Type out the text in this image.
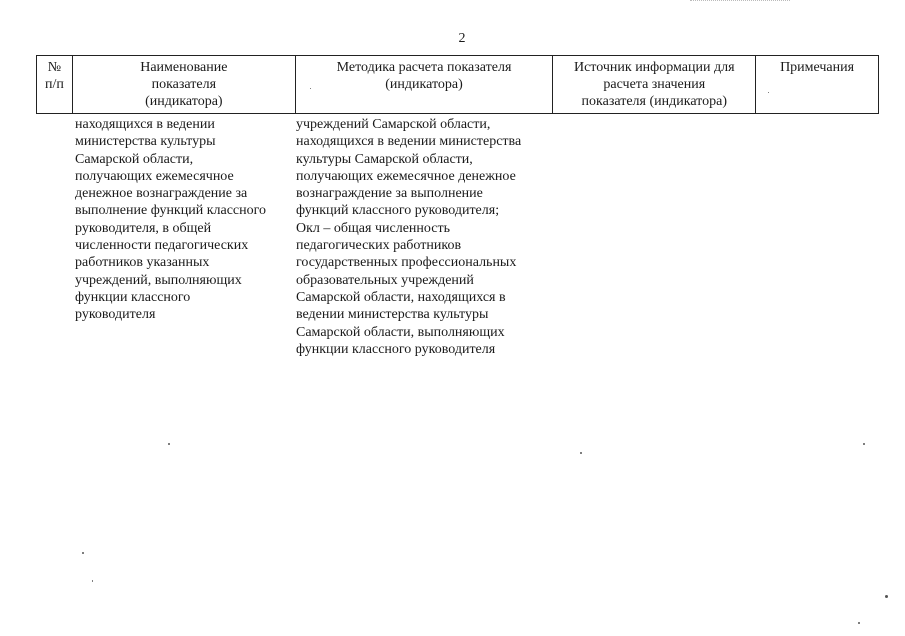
2
№
п/п
Наименование
показателя
(индикатора)
Методика расчета показателя
(индикатора)
Источник информации для
расчета значения
показателя (индикатора)
Примечания
находящихся в ведении
министерства культуры
Самарской области,
получающих ежемесячное
денежное вознаграждение за
выполнение функций классного
руководителя, в общей
численности педагогических
работников указанных
учреждений, выполняющих
функции классного
руководителя
учреждений Самарской области,
находящихся в ведении министерства
культуры Самарской области,
получающих ежемесячное денежное
вознаграждение за выполнение
функций классного руководителя;
Окл – общая численность
педагогических работников
государственных профессиональных
образовательных учреждений
Самарской области, находящихся в
ведении министерства культуры
Самарской области, выполняющих
функции классного руководителя
